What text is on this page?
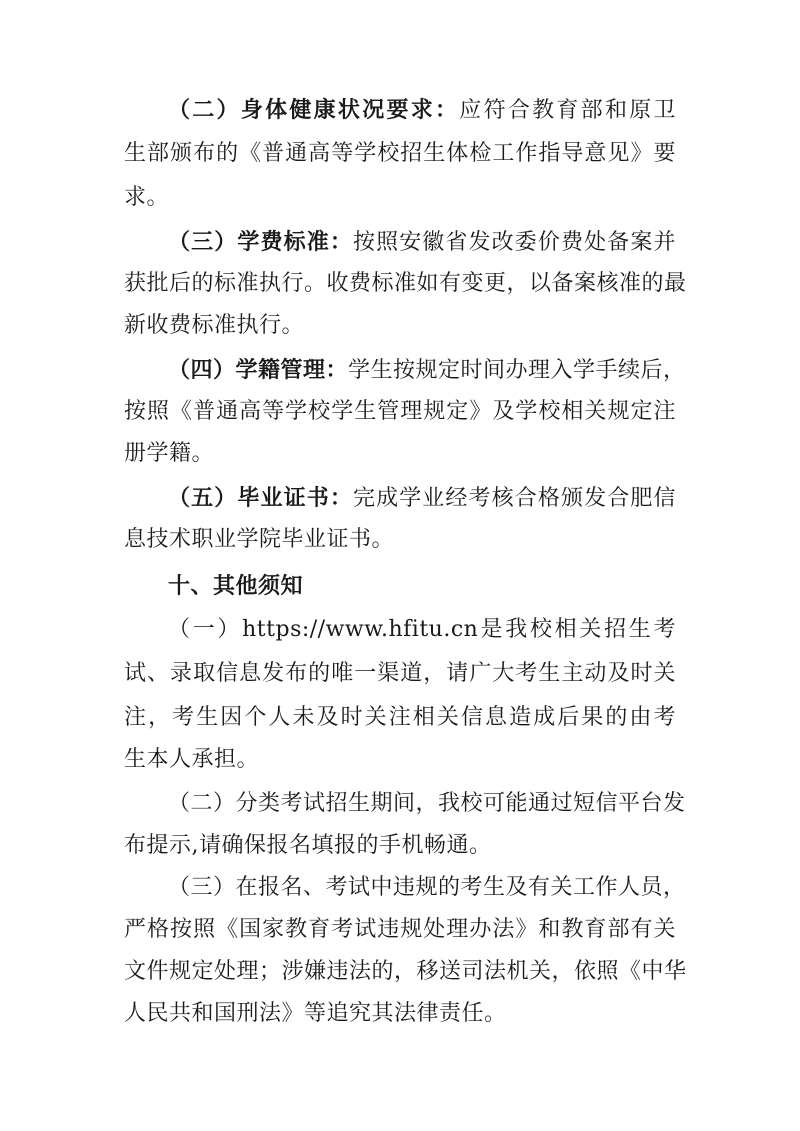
（二）身体健康状况要求：应符合教育部和原卫
生部颁布的《普通高等学校招生体检工作指导意见》要
求。
（三）学费标准：按照安徽省发改委价费处备案并
获批后的标准执行。收费标准如有变更，以备案核准的最
新收费标准执行。
（四）学籍管理：学生按规定时间办理入学手续后，
按照《普通高等学校学生管理规定》及学校相关规定注
册学籍。
（五）毕业证书：完成学业经考核合格颁发合肥信
息技术职业学院毕业证书。
十、其他须知
（一）https://www.hfitu.cn是我校相关招生考
试、录取信息发布的唯一渠道，请广大考生主动及时关
注，考生因个人未及时关注相关信息造成后果的由考
生本人承担。
（二）分类考试招生期间，我校可能通过短信平台发
布提示,请确保报名填报的手机畅通。
（三）在报名、考试中违规的考生及有关工作人员，
严格按照《国家教育考试违规处理办法》和教育部有关
文件规定处理；涉嫌违法的，移送司法机关，依照《中华
人民共和国刑法》等追究其法律责任。
